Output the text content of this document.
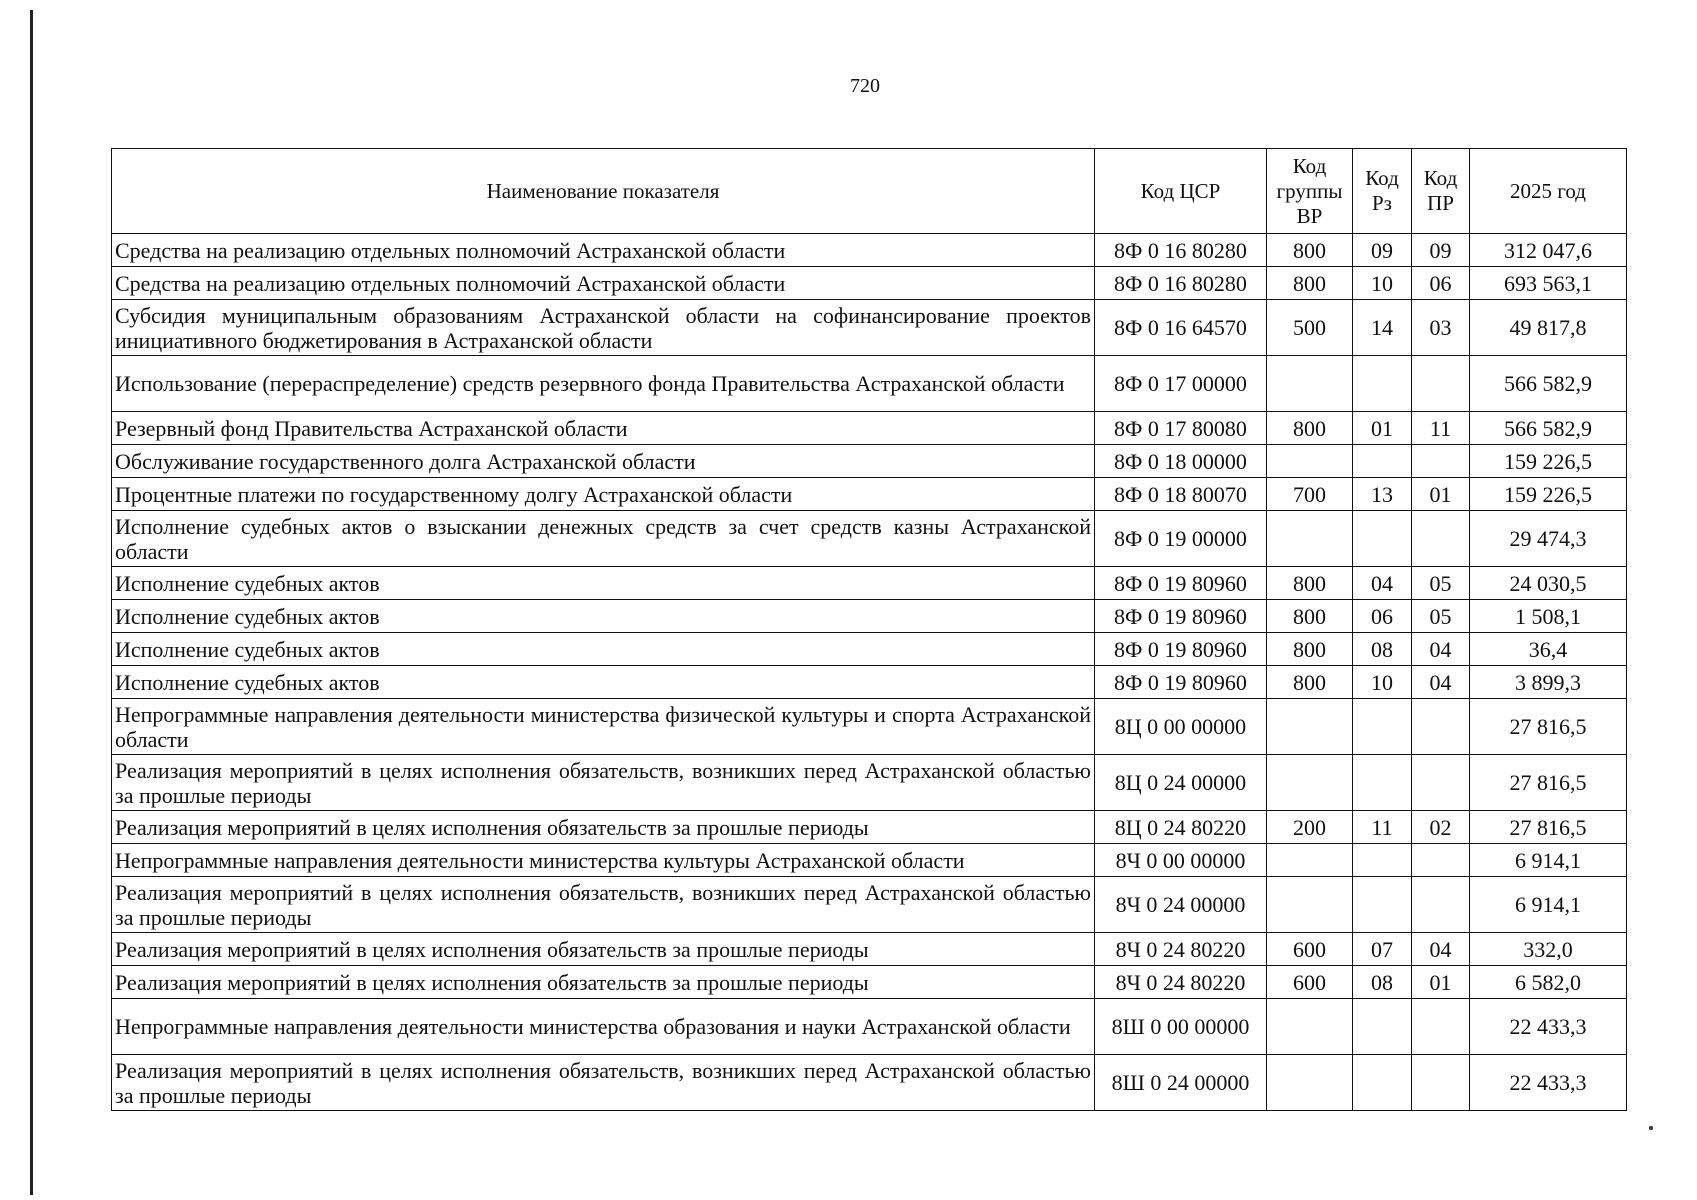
720
Наименование показателя	Код ЦСР	Код группы ВР	Код Рз	Код ПР	2025 год
Средства на реализацию отдельных полномочий Астраханской области	8Ф 0 16 80280	800	09	09	312 047,6
Средства на реализацию отдельных полномочий Астраханской области	8Ф 0 16 80280	800	10	06	693 563,1
Субсидия муниципальным образованиям Астраханской области на софинансирование проектов инициативного бюджетирования в Астраханской области	8Ф 0 16 64570	500	14	03	49 817,8
Использование (перераспределение) средств резервного фонда Правительства Астраханской области	8Ф 0 17 00000				566 582,9
Резервный фонд Правительства Астраханской области	8Ф 0 17 80080	800	01	11	566 582,9
Обслуживание государственного долга Астраханской области	8Ф 0 18 00000				159 226,5
Процентные платежи по государственному долгу Астраханской области	8Ф 0 18 80070	700	13	01	159 226,5
Исполнение судебных актов о взыскании денежных средств за счет средств казны Астраханской области	8Ф 0 19 00000				29 474,3
Исполнение судебных актов	8Ф 0 19 80960	800	04	05	24 030,5
Исполнение судебных актов	8Ф 0 19 80960	800	06	05	1 508,1
Исполнение судебных актов	8Ф 0 19 80960	800	08	04	36,4
Исполнение судебных актов	8Ф 0 19 80960	800	10	04	3 899,3
Непрограммные направления деятельности министерства физической культуры и спорта Астраханской области	8Ц 0 00 00000				27 816,5
Реализация мероприятий в целях исполнения обязательств, возникших перед Астраханской областью за прошлые периоды	8Ц 0 24 00000				27 816,5
Реализация мероприятий в целях исполнения обязательств за прошлые периоды	8Ц 0 24 80220	200	11	02	27 816,5
Непрограммные направления деятельности министерства культуры Астраханской области	8Ч 0 00 00000				6 914,1
Реализация мероприятий в целях исполнения обязательств, возникших перед Астраханской областью за прошлые периоды	8Ч 0 24 00000				6 914,1
Реализация мероприятий в целях исполнения обязательств за прошлые периоды	8Ч 0 24 80220	600	07	04	332,0
Реализация мероприятий в целях исполнения обязательств за прошлые периоды	8Ч 0 24 80220	600	08	01	6 582,0
Непрограммные направления деятельности министерства образования и науки Астраханской области	8Ш 0 00 00000				22 433,3
Реализация мероприятий в целях исполнения обязательств, возникших перед Астраханской областью за прошлые периоды	8Ш 0 24 00000				22 433,3
